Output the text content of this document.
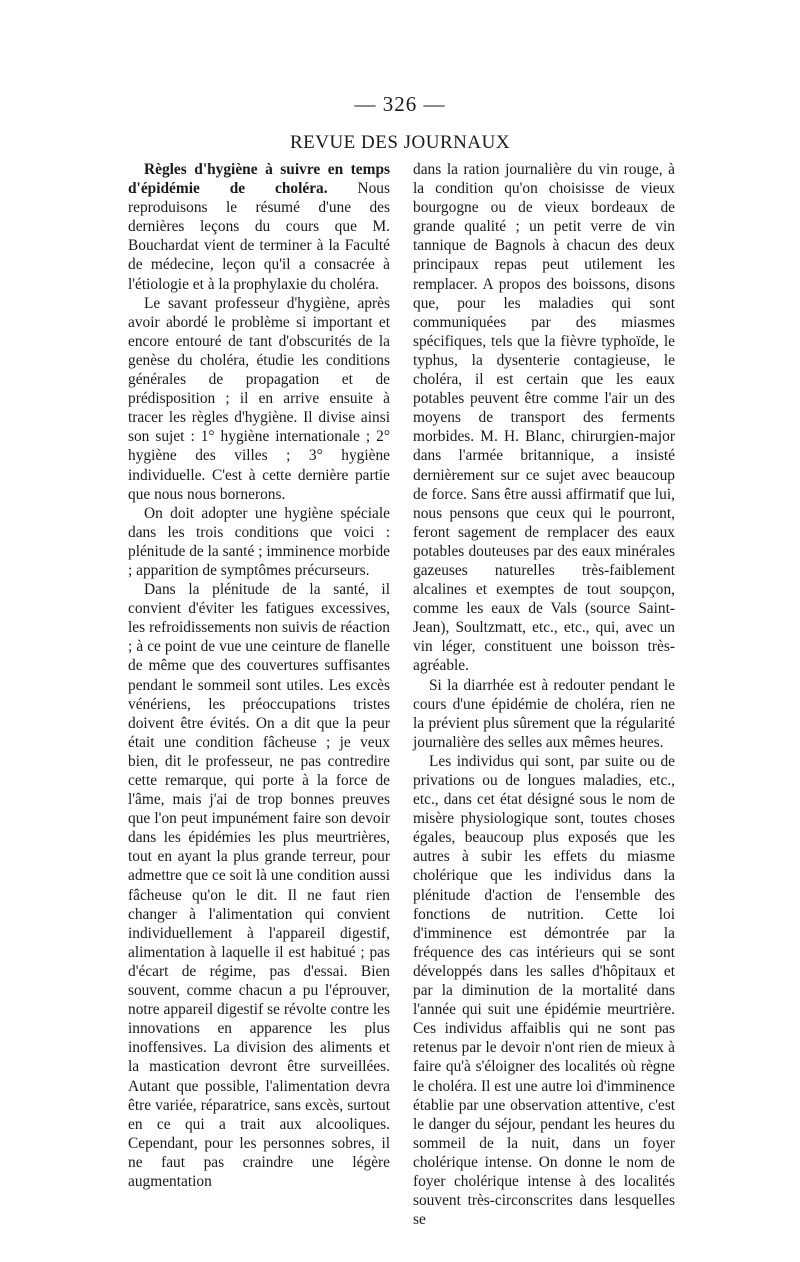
— 326 —
REVUE DES JOURNAUX

Règles d'hygiène à suivre en temps d'épidémie de choléra. Nous reproduisons le résumé d'une des dernières leçons du cours que M. Bouchardat vient de terminer à la Faculté de médecine, leçon qu'il a consacrée à l'étiologie et à la prophylaxie du choléra.

Le savant professeur d'hygiène, après avoir abordé le problème si important et encore entouré de tant d'obscurités de la genèse du choléra, étudie les conditions générales de propagation et de prédisposition ; il en arrive ensuite à tracer les règles d'hygiène. Il divise ainsi son sujet : 1° hygiène internationale ; 2° hygiène des villes ; 3° hygiène individuelle. C'est à cette dernière partie que nous nous bornerons.

On doit adopter une hygiène spéciale dans les trois conditions que voici : plénitude de la santé ; imminence morbide ; apparition de symptômes précurseurs.

Dans la plénitude de la santé, il convient d'éviter les fatigues excessives, les refroidissements non suivis de réaction ; à ce point de vue une ceinture de flanelle de même que des couvertures suffisantes pendant le sommeil sont utiles. Les excès vénériens, les préoccupations tristes doivent être évités. On a dit que la peur était une condition fâcheuse ; je veux bien, dit le professeur, ne pas contredire cette remarque, qui porte à la force de l'âme, mais j'ai de trop bonnes preuves que l'on peut impunément faire son devoir dans les épidémies les plus meurtrières, tout en ayant la plus grande terreur, pour admettre que ce soit là une condition aussi fâcheuse qu'on le dit. Il ne faut rien changer à l'alimentation qui convient individuellement à l'appareil digestif, alimentation à laquelle il est habitué ; pas d'écart de régime, pas d'essai. Bien souvent, comme chacun a pu l'éprouver, notre appareil digestif se révolte contre les innovations en apparence les plus inoffensives. La division des aliments et la mastication devront être surveillées. Autant que possible, l'alimentation devra être variée, réparatrice, sans excès, surtout en ce qui a trait aux alcooliques. Cependant, pour les personnes sobres, il ne faut pas craindre une légère augmentation

dans la ration journalière du vin rouge, à la condition qu'on choisisse de vieux bourgogne ou de vieux bordeaux de grande qualité ; un petit verre de vin tannique de Bagnols à chacun des deux principaux repas peut utilement les remplacer. A propos des boissons, disons que, pour les maladies qui sont communiquées par des miasmes spécifiques, tels que la fièvre typhoïde, le typhus, la dysenterie contagieuse, le choléra, il est certain que les eaux potables peuvent être comme l'air un des moyens de transport des ferments morbides. M. H. Blanc, chirurgien-major dans l'armée britannique, a insisté dernièrement sur ce sujet avec beaucoup de force. Sans être aussi affirmatif que lui, nous pensons que ceux qui le pourront, feront sagement de remplacer des eaux potables douteuses par des eaux minérales gazeuses naturelles très-faiblement alcalines et exemptes de tout soupçon, comme les eaux de Vals (source Saint-Jean), Soultzmatt, etc., etc., qui, avec un vin léger, constituent une boisson très-agréable.

Si la diarrhée est à redouter pendant le cours d'une épidémie de choléra, rien ne la prévient plus sûrement que la régularité journalière des selles aux mêmes heures.

Les individus qui sont, par suite ou de privations ou de longues maladies, etc., etc., dans cet état désigné sous le nom de misère physiologique sont, toutes choses égales, beaucoup plus exposés que les autres à subir les effets du miasme cholérique que les individus dans la plénitude d'action de l'ensemble des fonctions de nutrition. Cette loi d'imminence est démontrée par la fréquence des cas intérieurs qui se sont développés dans les salles d'hôpitaux et par la diminution de la mortalité dans l'année qui suit une épidémie meurtrière. Ces individus affaiblis qui ne sont pas retenus par le devoir n'ont rien de mieux à faire qu'à s'éloigner des localités où règne le choléra. Il est une autre loi d'imminence établie par une observation attentive, c'est le danger du séjour, pendant les heures du sommeil de la nuit, dans un foyer cholérique intense. On donne le nom de foyer cholérique intense à des localités souvent très-circonscrites dans lesquelles se
